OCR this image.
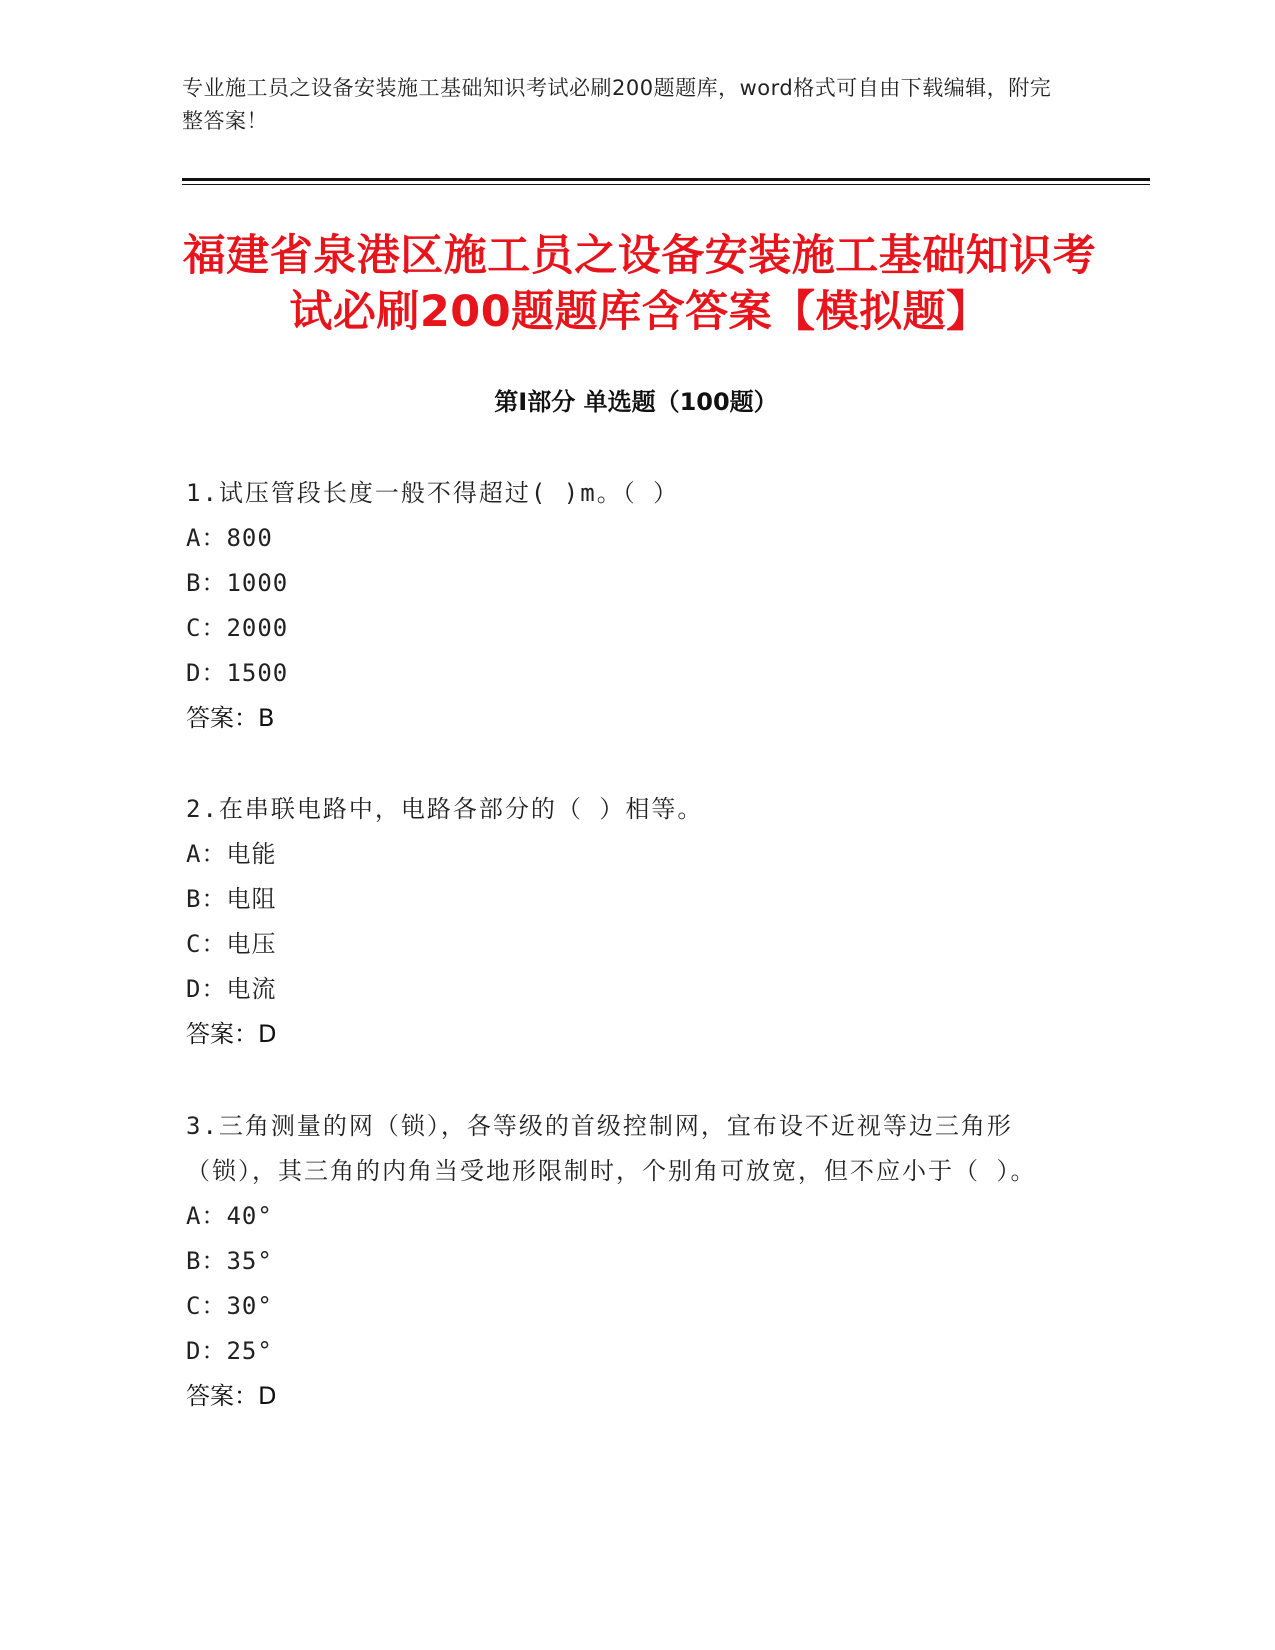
专业施工员之设备安装施工基础知识考试必刷200题题库，word格式可自由下载编辑，附完整答案！
福建省泉港区施工员之设备安装施工基础知识考试必刷200题题库含答案【模拟题】
第Ⅰ部分 单选题（100题）
1.试压管段长度一般不得超过( )m。（ ）
A：800
B：1000
C：2000
D：1500
答案：B
2.在串联电路中，电路各部分的（ ）相等。
A：电能
B：电阻
C：电压
D：电流
答案：D
3.三角测量的网（锁），各等级的首级控制网，宜布设不近视等边三角形（锁），其三角的内角当受地形限制时，个别角可放宽，但不应小于（ ）。
A：40°
B：35°
C：30°
D：25°
答案：D
